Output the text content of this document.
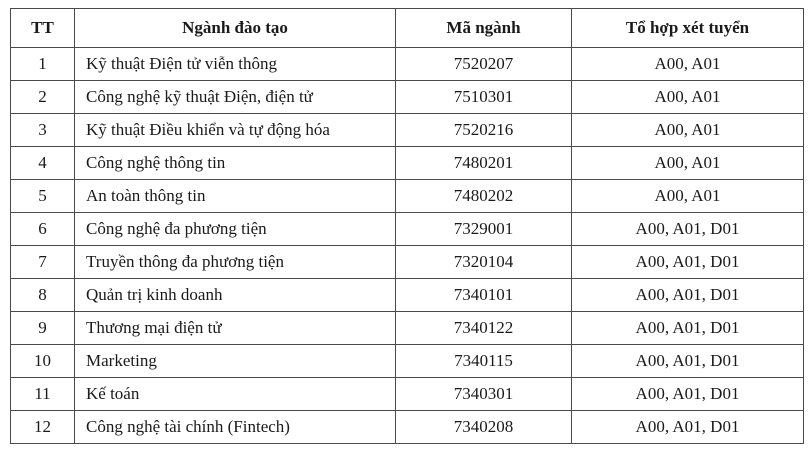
TT	Ngành đào tạo	Mã ngành	Tổ hợp xét tuyển
1	Kỹ thuật Điện tử viễn thông	7520207	A00, A01
2	Công nghệ kỹ thuật Điện, điện tử	7510301	A00, A01
3	Kỹ thuật Điều khiển và tự động hóa	7520216	A00, A01
4	Công nghệ thông tin	7480201	A00, A01
5	An toàn thông tin	7480202	A00, A01
6	Công nghệ đa phương tiện	7329001	A00, A01, D01
7	Truyền thông đa phương tiện	7320104	A00, A01, D01
8	Quản trị kinh doanh	7340101	A00, A01, D01
9	Thương mại điện tử	7340122	A00, A01, D01
10	Marketing	7340115	A00, A01, D01
11	Kế toán	7340301	A00, A01, D01
12	Công nghệ tài chính (Fintech)	7340208	A00, A01, D01
